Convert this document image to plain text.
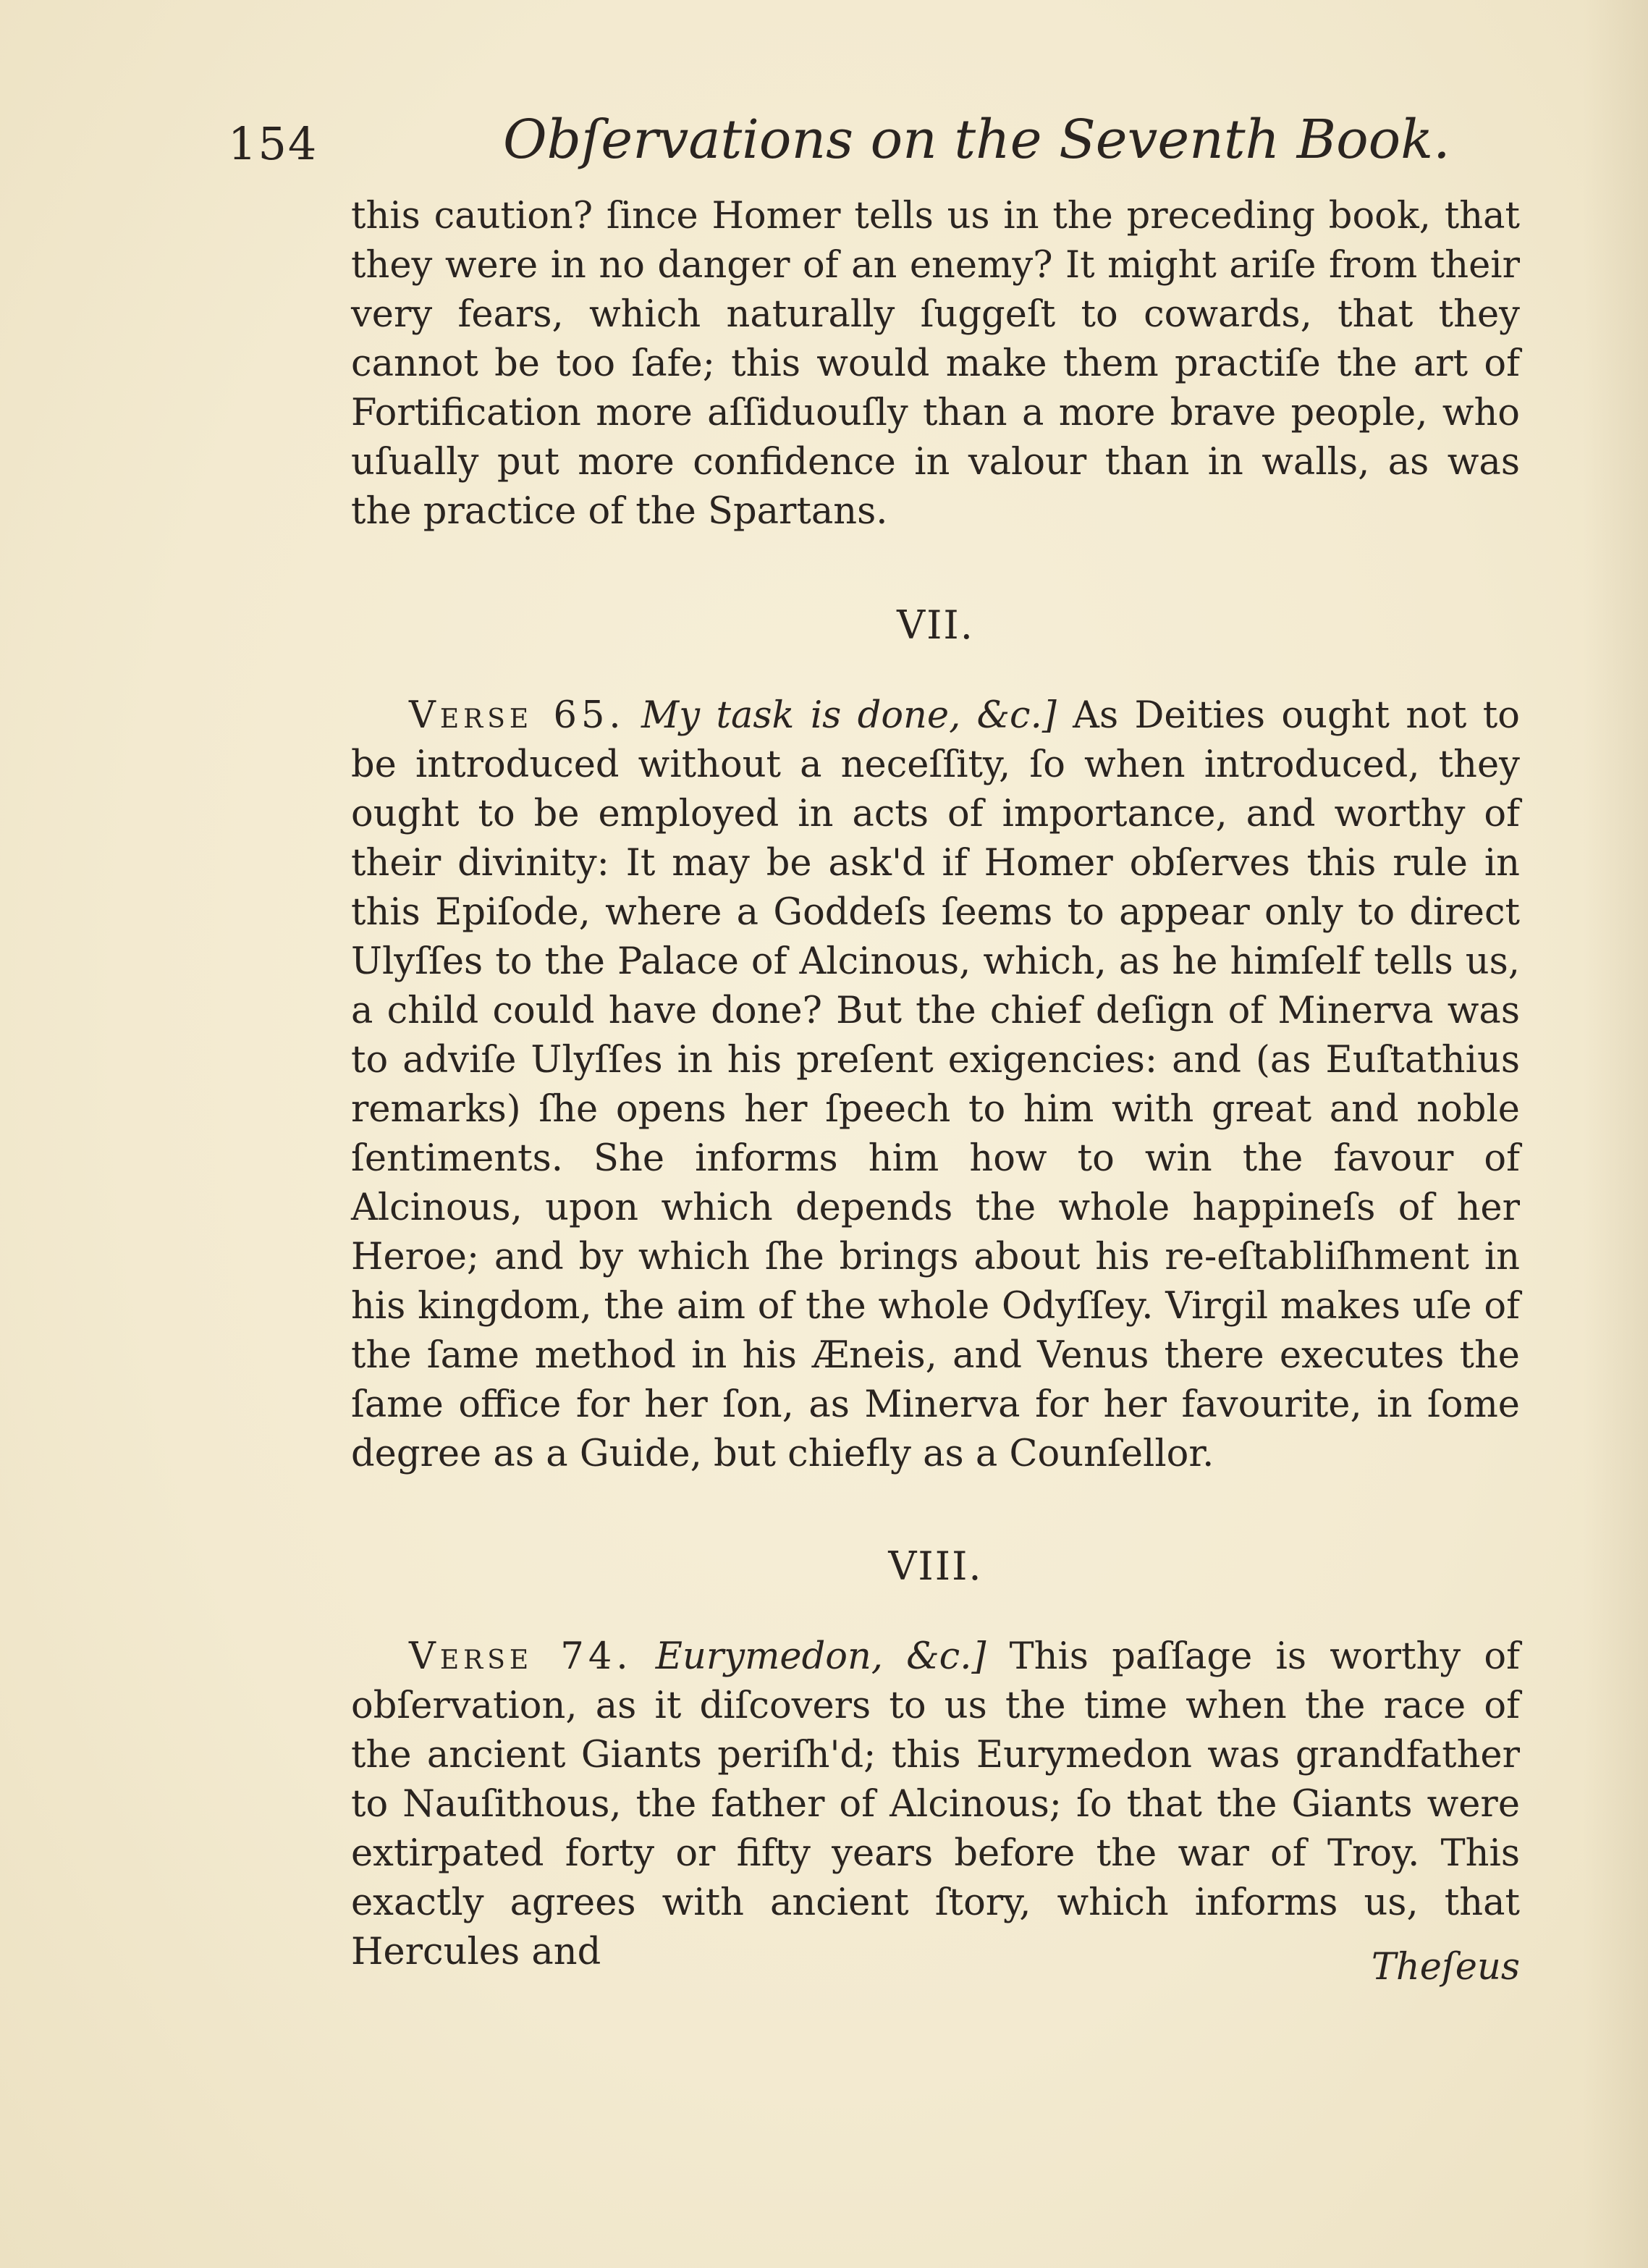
154	Obſervations on the Seventh Book.

this caution? ſince Homer tells us in the preceding book, that they were in no danger of an enemy? It might ariſe from their very fears, which naturally ſuggeſt to cowards, that they cannot be too ſafe; this would make them practiſe the art of Fortification more aſſiduouſly than a more brave people, who uſually put more confidence in valour than in walls, as was the practice of the Spartans.

VII.

Verse 65. My task is done, &c.] As Deities ought not to be introduced without a neceſſity, ſo when introduced, they ought to be employed in acts of importance, and worthy of their divinity: It may be ask'd if Homer obſerves this rule in this Epiſode, where a Goddeſs ſeems to appear only to direct Ulyſſes to the Palace of Alcinous, which, as he himſelf tells us, a child could have done? But the chief deſign of Minerva was to adviſe Ulyſſes in his preſent exigencies: and (as Euſtathius remarks) ſhe opens her ſpeech to him with great and noble ſentiments. She informs him how to win the favour of Alcinous, upon which depends the whole happineſs of her Heroe; and by which ſhe brings about his re-eſtabliſhment in his kingdom, the aim of the whole Odyſſey. Virgil makes uſe of the ſame method in his Æneis, and Venus there executes the ſame office for her ſon, as Minerva for her favourite, in ſome degree as a Guide, but chiefly as a Counſellor.

VIII.

Verse 74. Eurymedon, &c.] This paſſage is worthy of obſervation, as it diſcovers to us the time when the race of the ancient Giants periſh'd; this Eurymedon was grandfather to Nauſithous, the father of Alcinous; ſo that the Giants were extirpated forty or fifty years before the war of Troy. This exactly agrees with ancient ſtory, which informs us, that Hercules and	Theſeus
